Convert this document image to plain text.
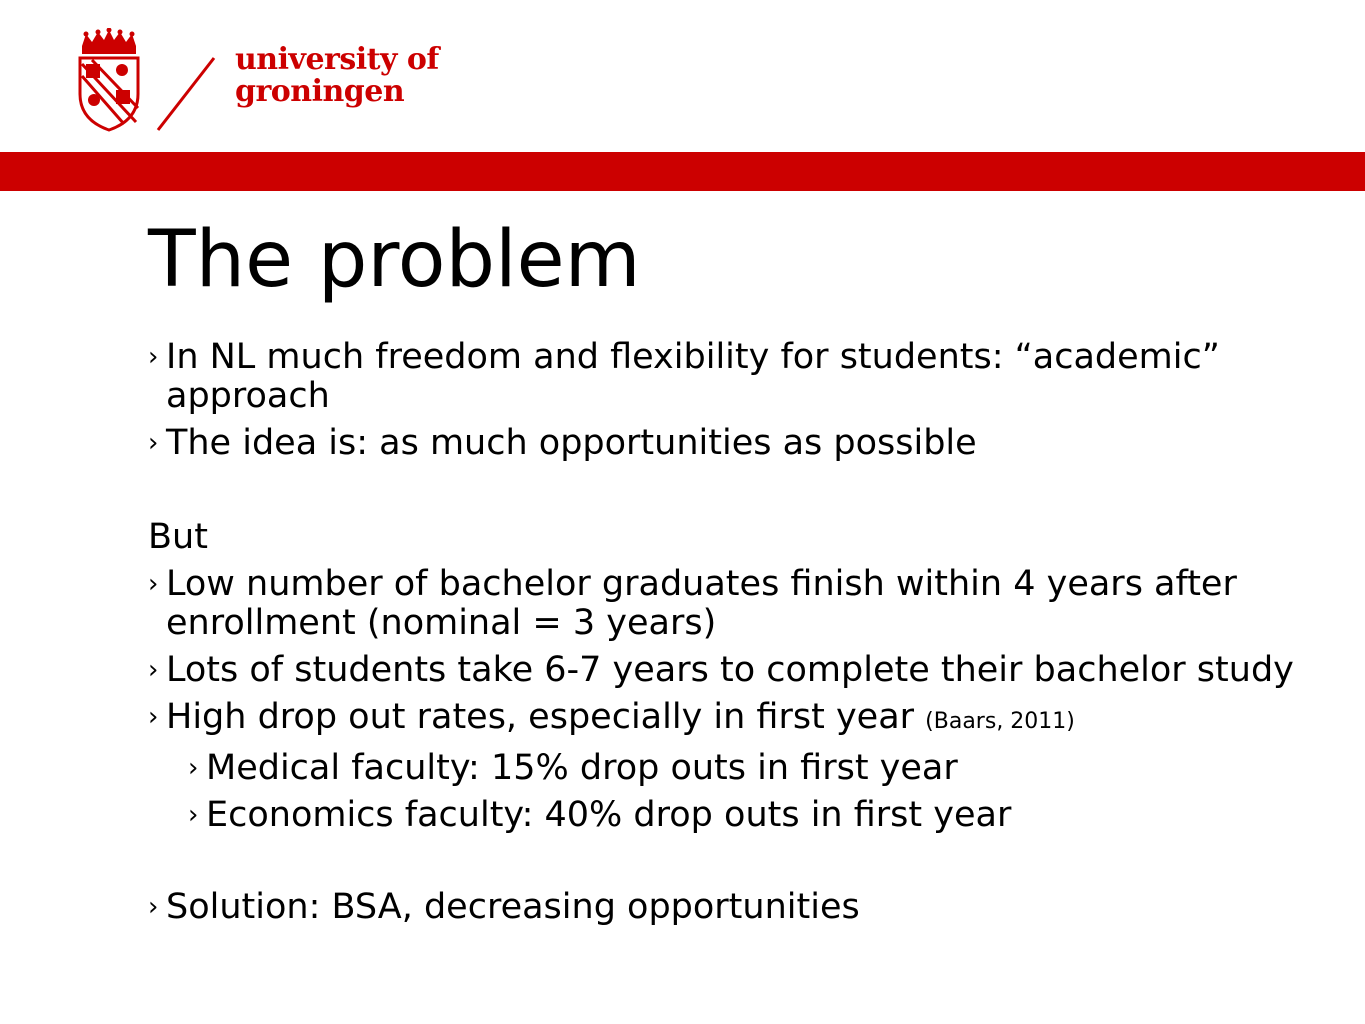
university of
groningen
The problem
› In NL much freedom and flexibility for students: “academic” approach
› The idea is: as much opportunities as possible
But
› Low number of bachelor graduates finish within 4 years after enrollment (nominal = 3 years)
› Lots of students take 6-7 years to complete their bachelor study
› High drop out rates, especially in first year (Baars, 2011)
› Medical faculty: 15% drop outs in first year
› Economics faculty: 40% drop outs in first year
› Solution: BSA, decreasing opportunities
